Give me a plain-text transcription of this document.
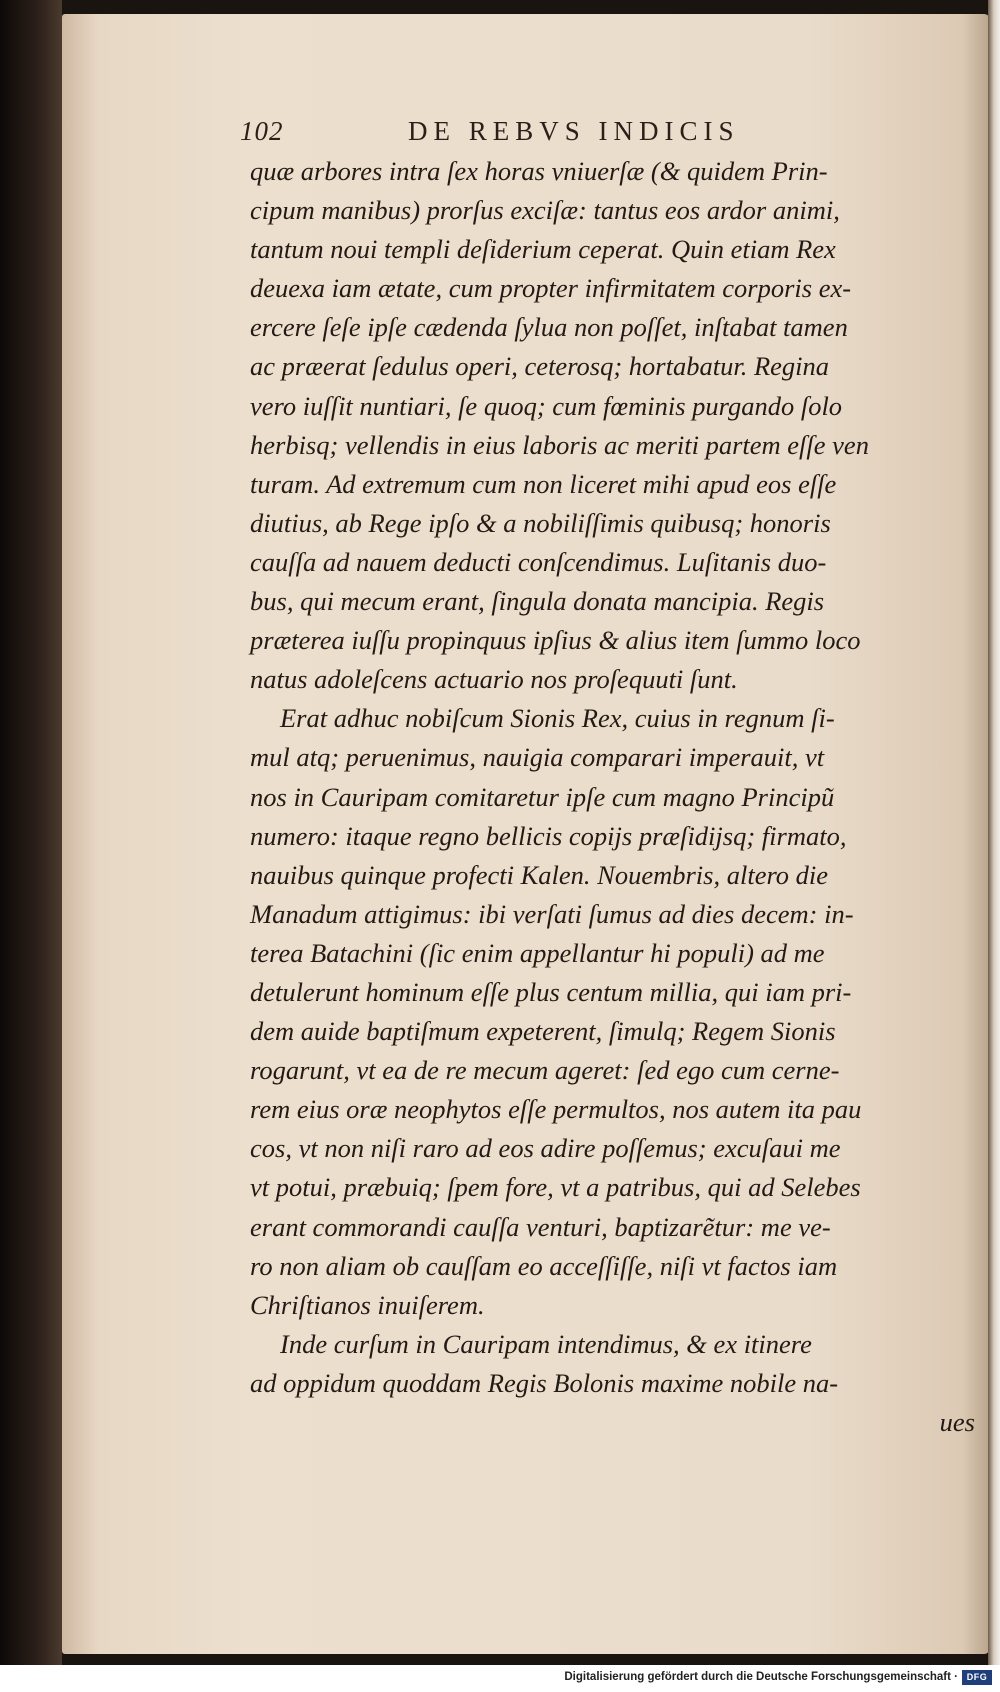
102	DE REBVS INDICIS
quæ arbores intra ſex horas vniuerſæ (& quidem Prin-
cipum manibus) prorſus exciſæ: tantus eos ardor animi,
tantum noui templi deſiderium ceperat. Quin etiam Rex
deuexa iam ætate, cum propter infirmitatem corporis ex-
ercere ſeſe ipſe cædenda ſylua non poſſet, inſtabat tamen
ac præerat ſedulus operi, ceterosq; hortabatur. Regina
vero iuſſit nuntiari, ſe quoq; cum fœminis purgando ſolo
herbisq; vellendis in eius laboris ac meriti partem eſſe ven
turam. Ad extremum cum non liceret mihi apud eos eſſe
diutius, ab Rege ipſo & a nobiliſſimis quibusq; honoris
cauſſa ad nauem deducti conſcendimus. Luſitanis duo-
bus, qui mecum erant, ſingula donata mancipia. Regis
præterea iuſſu propinquus ipſius & alius item ſummo loco
natus adoleſcens actuario nos proſequuti ſunt.
Erat adhuc nobiſcum Sionis Rex, cuius in regnum ſi-
mul atq; peruenimus, nauigia comparari imperauit, vt
nos in Cauripam comitaretur ipſe cum magno Principũ
numero: itaque regno bellicis copijs præſidijsq; firmato,
nauibus quinque profecti Kalen. Nouembris, altero die
Manadum attigimus: ibi verſati ſumus ad dies decem: in-
terea Batachini (ſic enim appellantur hi populi) ad me
detulerunt hominum eſſe plus centum millia, qui iam pri-
dem auide baptiſmum expeterent, ſimulq; Regem Sionis
rogarunt, vt ea de re mecum ageret: ſed ego cum cerne-
rem eius oræ neophytos eſſe permultos, nos autem ita pau
cos, vt non niſi raro ad eos adire poſſemus; excuſaui me
vt potui, præbuiq; ſpem fore, vt a patribus, qui ad Selebes
erant commorandi cauſſa venturi, baptizarẽtur: me ve-
ro non aliam ob cauſſam eo acceſſiſſe, niſi vt factos iam
Chriſtianos inuiſerem.
Inde curſum in Cauripam intendimus, & ex itinere
ad oppidum quoddam Regis Bolonis maxime nobile na-
ues
Digitalisierung gefördert durch die Deutsche Forschungsgemeinschaft · DFG
